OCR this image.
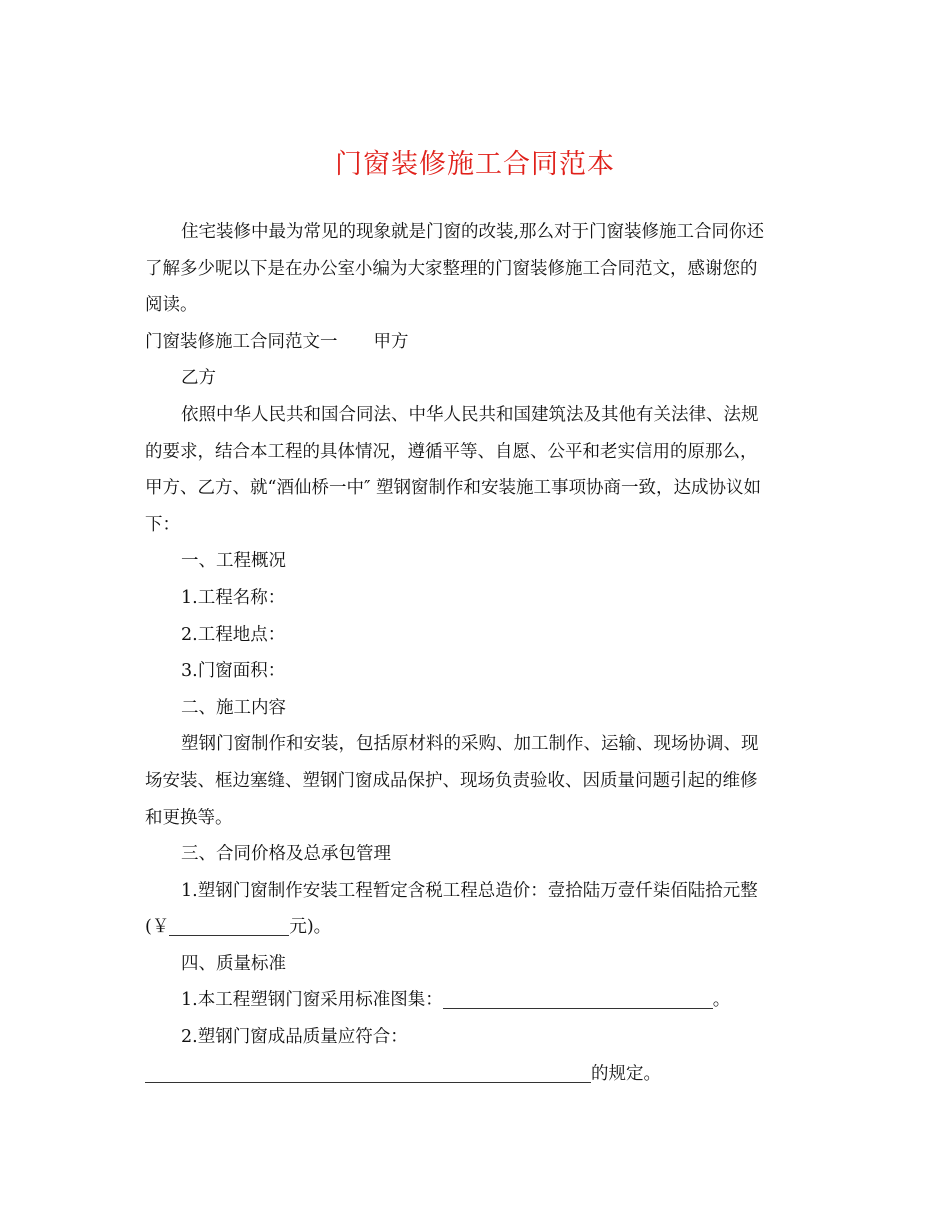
门窗装修施工合同范本

住宅装修中最为常见的现象就是门窗的改装,那么对于门窗装修施工合同你还

了解多少呢以下是在办公室小编为大家整理的门窗装修施工合同范文，感谢您的

阅读。

门窗装修施工合同范文一 甲方

乙方

依照中华人民共和国合同法、中华人民共和国建筑法及其他有关法律、法规

的要求，结合本工程的具体情况，遵循平等、自愿、公平和老实信用的原那么，

甲方、乙方、就“酒仙桥一中″ 塑钢窗制作和安装施工事项协商一致，达成协议如

下：

一、工程概况

1.工程名称：

2.工程地点：

3.门窗面积：

二、施工内容

塑钢门窗制作和安装，包括原材料的采购、加工制作、运输、现场协调、现

场安装、框边塞缝、塑钢门窗成品保护、现场负责验收、因质量问题引起的维修

和更换等。

三、合同价格及总承包管理

1.塑钢门窗制作安装工程暂定含税工程总造价：壹拾陆万壹仟柒佰陆拾元整

(￥	元)。

四、质量标准

1.本工程塑钢门窗采用标准图集：	。

2.塑钢门窗成品质量应符合：

的规定。
